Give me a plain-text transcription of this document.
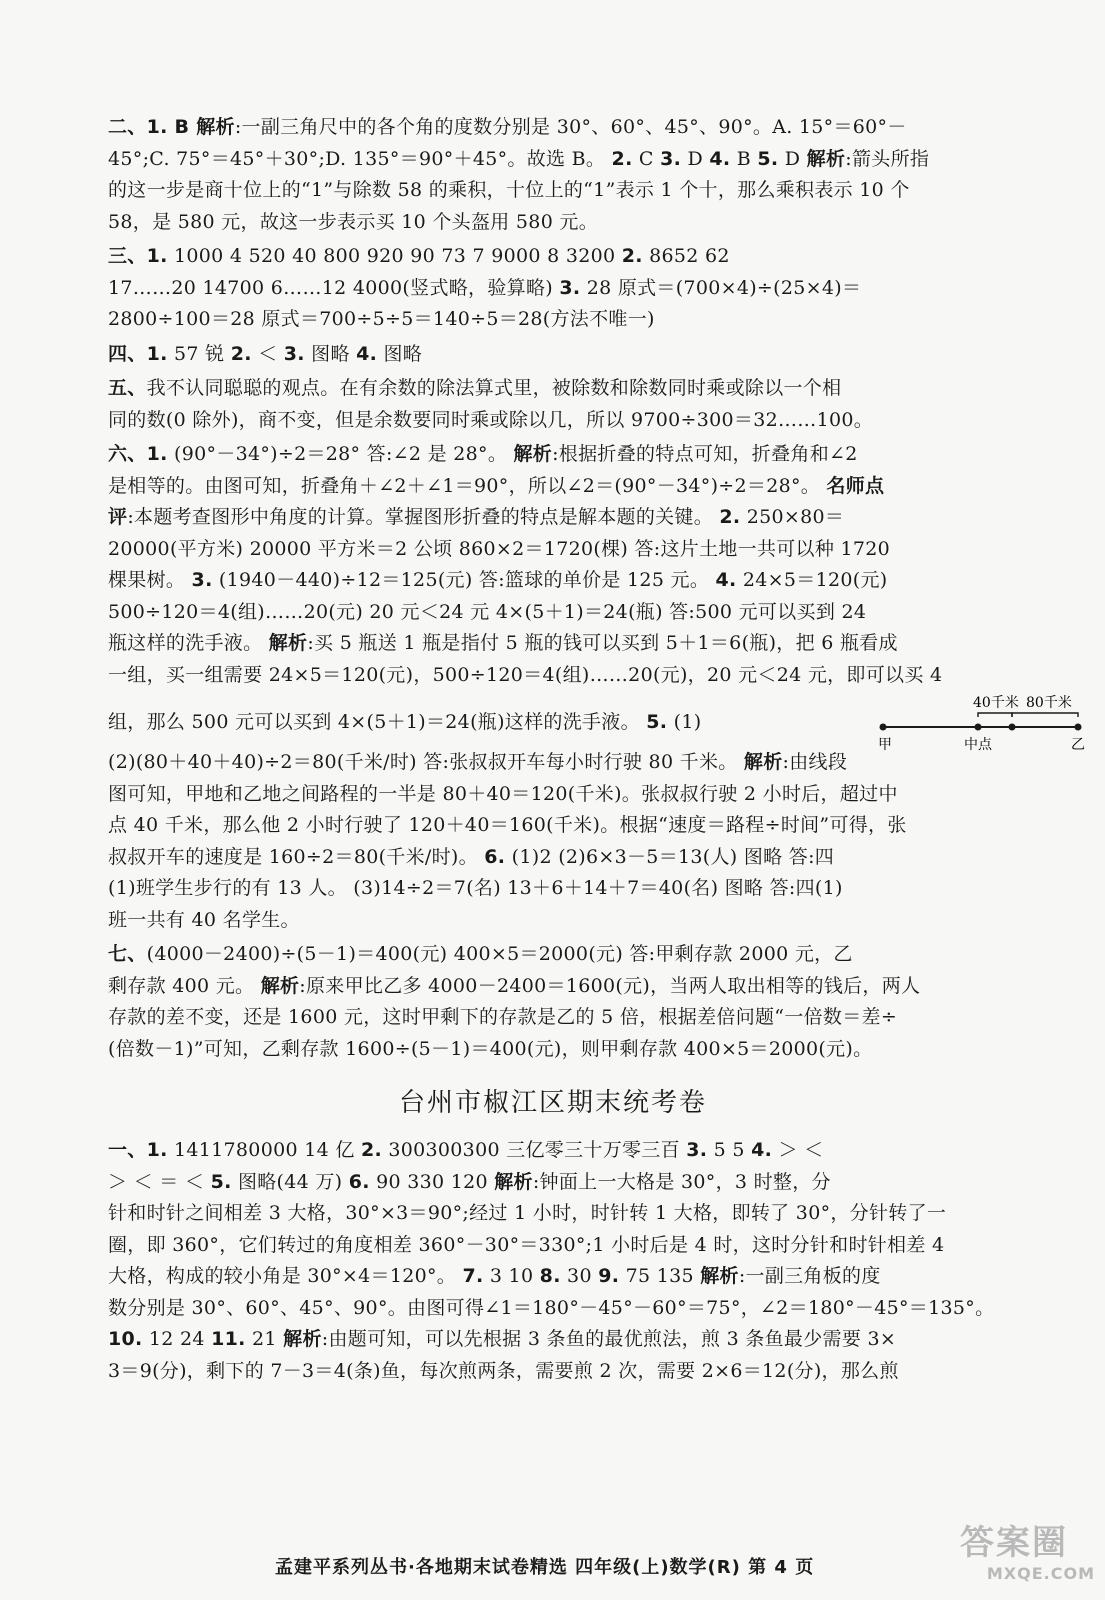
二、1. B 解析:一副三角尺中的各个角的度数分别是 30°、60°、45°、90°。A. 15°＝60°－

45°;C. 75°＝45°＋30°;D. 135°＝90°＋45°。故选 B。 2. C 3. D 4. B 5. D 解析:箭头所指

的这一步是商十位上的“1”与除数 58 的乘积，十位上的“1”表示 1 个十，那么乘积表示 10 个

58，是 580 元，故这一步表示买 10 个头盔用 580 元。

三、1. 1000 4 520 40 800 920 90 73 7 9000 8 3200 2. 8652 62

17……20 14700 6……12 4000(竖式略，验算略) 3. 28 原式＝(700×4)÷(25×4)＝

2800÷100＝28 原式＝700÷5÷5＝140÷5＝28(方法不唯一)

四、1. 57 锐 2. ＜ 3. 图略 4. 图略

五、我不认同聪聪的观点。在有余数的除法算式里，被除数和除数同时乘或除以一个相

同的数(0 除外)，商不变，但是余数要同时乘或除以几，所以 9700÷300＝32……100。

六、1. (90°－34°)÷2＝28° 答:∠2 是 28°。 解析:根据折叠的特点可知，折叠角和∠2

是相等的。由图可知，折叠角＋∠2＋∠1＝90°，所以∠2＝(90°－34°)÷2＝28°。 名师点

评:本题考查图形中角度的计算。掌握图形折叠的特点是解本题的关键。 2. 250×80＝

20000(平方米) 20000 平方米＝2 公顷 860×2＝1720(棵) 答:这片土地一共可以种 1720

棵果树。 3. (1940－440)÷12＝125(元) 答:篮球的单价是 125 元。 4. 24×5＝120(元)

500÷120＝4(组)……20(元) 20 元＜24 元 4×(5＋1)＝24(瓶) 答:500 元可以买到 24

瓶这样的洗手液。 解析:买 5 瓶送 1 瓶是指付 5 瓶的钱可以买到 5＋1＝6(瓶)，把 6 瓶看成

一组，买一组需要 24×5＝120(元)，500÷120＝4(组)……20(元)，20 元＜24 元，即可以买 4

组，那么 500 元可以买到 4×(5＋1)＝24(瓶)这样的洗手液。 5. (1)

40千米 80千米
甲	中点	乙

(2)(80＋40＋40)÷2＝80(千米/时) 答:张叔叔开车每小时行驶 80 千米。 解析:由线段

图可知，甲地和乙地之间路程的一半是 80＋40＝120(千米)。张叔叔行驶 2 小时后，超过中

点 40 千米，那么他 2 小时行驶了 120＋40＝160(千米)。根据“速度＝路程÷时间”可得，张

叔叔开车的速度是 160÷2＝80(千米/时)。 6. (1)2 (2)6×3－5＝13(人) 图略 答:四

(1)班学生步行的有 13 人。 (3)14÷2＝7(名) 13＋6＋14＋7＝40(名) 图略 答:四(1)

班一共有 40 名学生。

七、(4000－2400)÷(5－1)＝400(元) 400×5＝2000(元) 答:甲剩存款 2000 元，乙

剩存款 400 元。 解析:原来甲比乙多 4000－2400＝1600(元)，当两人取出相等的钱后，两人

存款的差不变，还是 1600 元，这时甲剩下的存款是乙的 5 倍，根据差倍问题“一倍数＝差÷

(倍数－1)”可知，乙剩存款 1600÷(5－1)＝400(元)，则甲剩存款 400×5＝2000(元)。

台州市椒江区期末统考卷

一、1. 1411780000 14 亿 2. 300300300 三亿零三十万零三百 3. 5 5 4. ＞ ＜

＞ ＜ ＝ ＜ 5. 图略(44 万) 6. 90 330 120 解析:钟面上一大格是 30°，3 时整，分

针和时针之间相差 3 大格，30°×3＝90°;经过 1 小时，时针转 1 大格，即转了 30°，分针转了一

圈，即 360°，它们转过的角度相差 360°－30°＝330°;1 小时后是 4 时，这时分针和时针相差 4

大格，构成的较小角是 30°×4＝120°。 7. 3 10 8. 30 9. 75 135 解析:一副三角板的度

数分别是 30°、60°、45°、90°。由图可得∠1＝180°－45°－60°＝75°，∠2＝180°－45°＝135°。

10. 12 24 11. 21 解析:由题可知，可以先根据 3 条鱼的最优煎法，煎 3 条鱼最少需要 3×

3＝9(分)，剩下的 7－3＝4(条)鱼，每次煎两条，需要煎 2 次，需要 2×6＝12(分)，那么煎

孟建平系列丛书·各地期末试卷精选 四年级(上)数学(R) 第 4 页
答案圈
MXQE.COM
